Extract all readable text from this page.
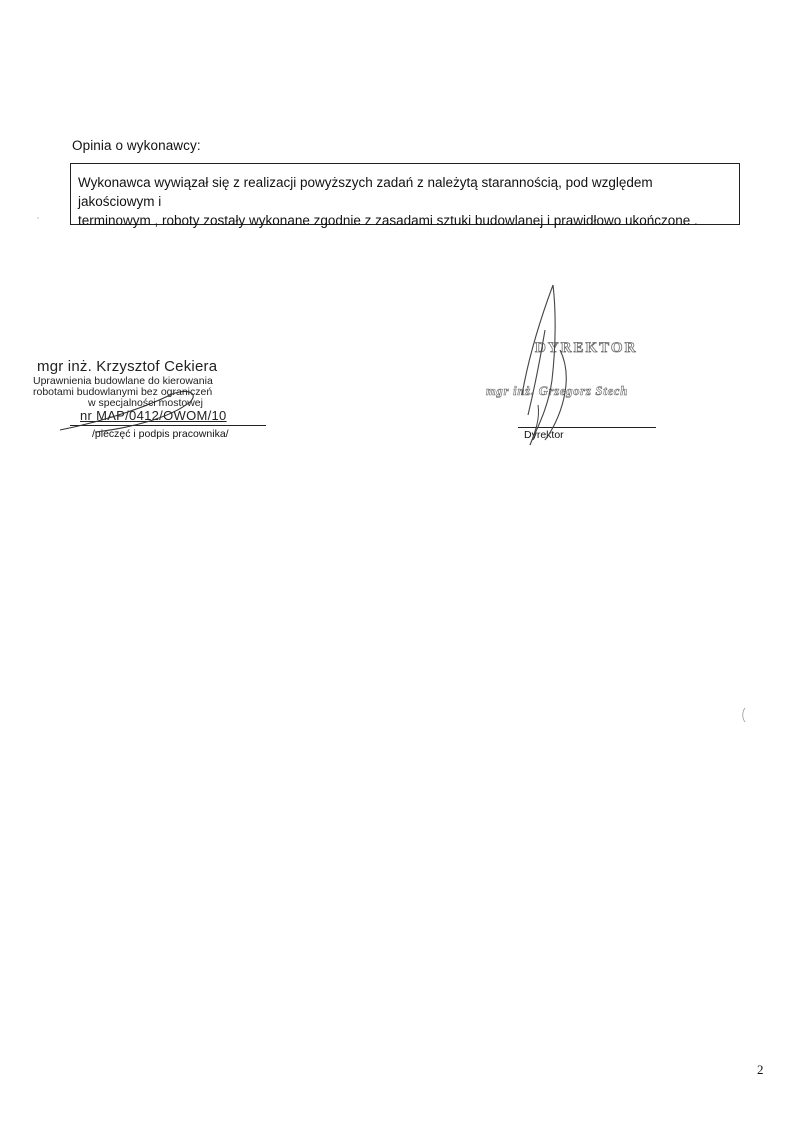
Opinia o wykonawcy:
Wykonawca wywiązał się z realizacji powyższych zadań z należytą starannością, pod względem jakościowym i
terminowym , roboty zostały wykonane zgodnie z zasadami sztuki budowlanej i prawidłowo ukończone .
mgr inż. Krzysztof Cekiera
Uprawnienia budowlane do kierowania
robotami budowlanymi bez ograniczeń
w specjalności mostowej
nr MAP/0412/OWOM/10
/pieczęć i podpis pracownika/
DYREKTOR
mgr inż. Grzegorz Stech
Dyrektor
2
